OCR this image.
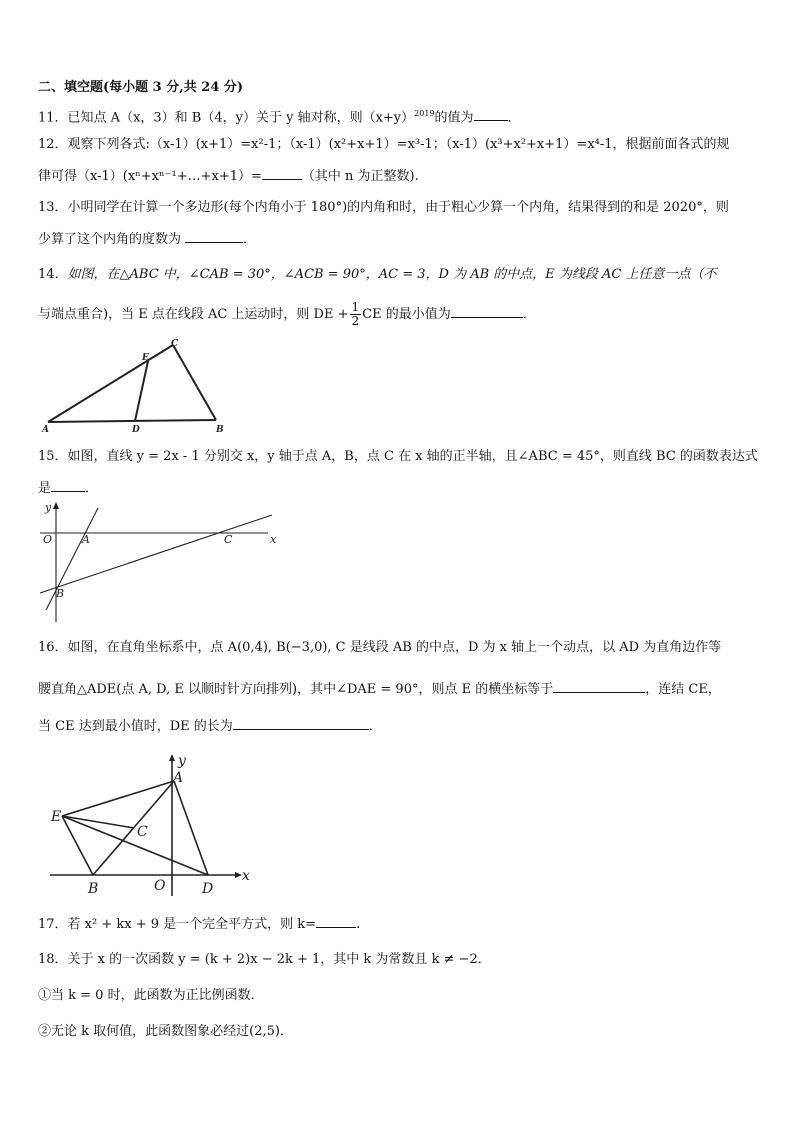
二、填空题(每小题 3 分,共 24 分)
11．已知点 A（x，3）和 B（4，y）关于 y 轴对称，则$(x+y)^{2019}$的值为	．
12．观察下列各式:（x-1）(x+1）=x²-1；（x-1）(x²+x+1）=x³-1；（x-1）(x³+x²+x+1）=x⁴-1，根据前面各式的规
律可得（x-1）(xⁿ+xⁿ⁻¹+…+x+1）=	（其中 n 为正整数).
13．小明同学在计算一个多边形(每个内角小于 180°)的内角和时，由于粗心少算一个内角，结果得到的和是 2020°，则
少算了这个内角的度数为	．
14．如图，在△ABC 中，∠CAB = 30°，∠ACB = 90°，AC = 3，D 为 AB 的中点，E 为线段 AC 上任意一点（不
与端点重合)，当 E 点在线段 AC 上运动时，则 DE + $\frac{1}{2}$ CE 的最小值为	．
A	B
C
D
E
15．如图，直线 y = 2x - 1 分别交 x，y 轴于点 A，B，点 C 在 x 轴的正半轴，且∠ABC = 45°，则直线 BC 的函数表达式
是	．
y
x
O	A	C
B
16．如图，在直角坐标系中，点 A(0,4), B(−3,0), C 是线段 AB 的中点，D 为 x 轴上一个动点，以 AD 为直角边作等
腰直角△ADE(点 A, D, E 以顺时针方向排列)，其中∠DAE = 90°，则点 E 的横坐标等于	，连结 CE，
当 CE 达到最小值时，DE 的长为	．
y
x
O
A
B
C
D
E
17．若 x² + kx + 9 是一个完全平方式，则 k=	.
18．关于 x 的一次函数 y = (k + 2)x − 2k + 1，其中 k 为常数且 k ≠ −2．
①当 k = 0 时，此函数为正比例函数．
②无论 k 取何值，此函数图象必经过(2,5)．
